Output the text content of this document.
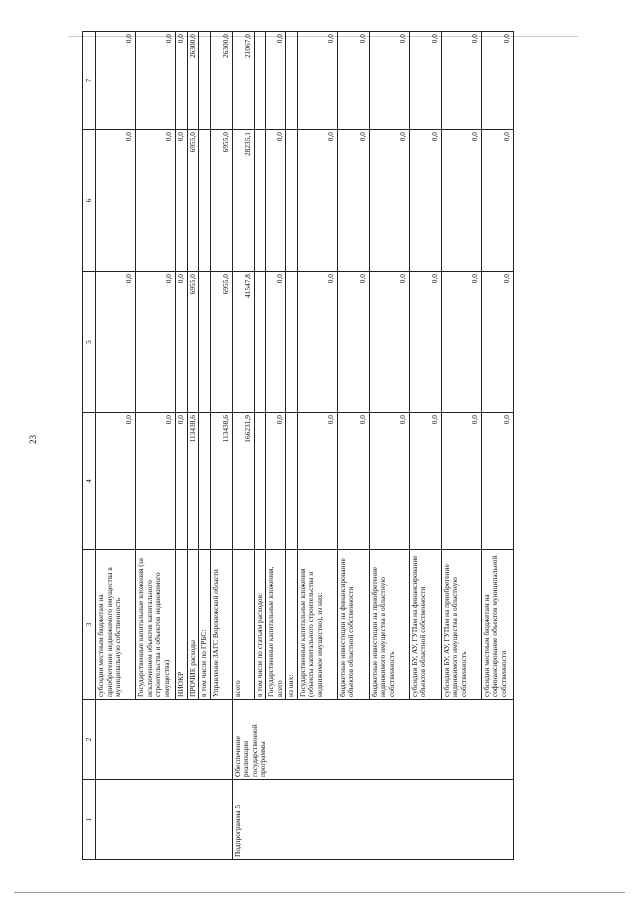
23
1	2	3	4	5	6	7
		субсидии местным бюджетам на приобретение недвижимого имущества в муниципальную собственность	0,0	0,0	0,0	0,0
		Государственные капитальные вложения (за исключением объектов капитального строительства и объектов недвижимого имущества)	0,0	0,0	0,0	0,0
		НИОКР	0,0	0,0	0,0	0,0
		ПРОЧИЕ расходы	113438,6	6955,0	6955,0	26300,0
		в том числе по ГРБС:				
		Управление ЗАГС Воронежской области	113438,6	6955,0	6955,0	26300,0
Подпрограмма 5	Обеспечение реализации государственной программы	всего	166231,9	41547,8	28235,1	21067,0
		в том числе по статьям расходов:				
		Государственные капитальные вложения, всего	0,0	0,0	0,0	0,0
		из них:				
		Государственные капитальные вложения (объекты капитального строительства и недвижимое имущество), из них:	0,0	0,0	0,0	0,0
		бюджетные инвестиции на финансирование объектов областной собственности	0,0	0,0	0,0	0,0
		бюджетные инвестиции на приобретение недвижимого имущества в областную собственность	0,0	0,0	0,0	0,0
		субсидии БУ, АУ, ГУПам на финансирование объектов областной собственности	0,0	0,0	0,0	0,0
		субсидии БУ, АУ, ГУПам на приобретение недвижимого имущества в областную собственность	0,0	0,0	0,0	0,0
		субсидии местным бюджетам на софинансирование объектов муниципальной собственности	0,0	0,0	0,0	0,0
